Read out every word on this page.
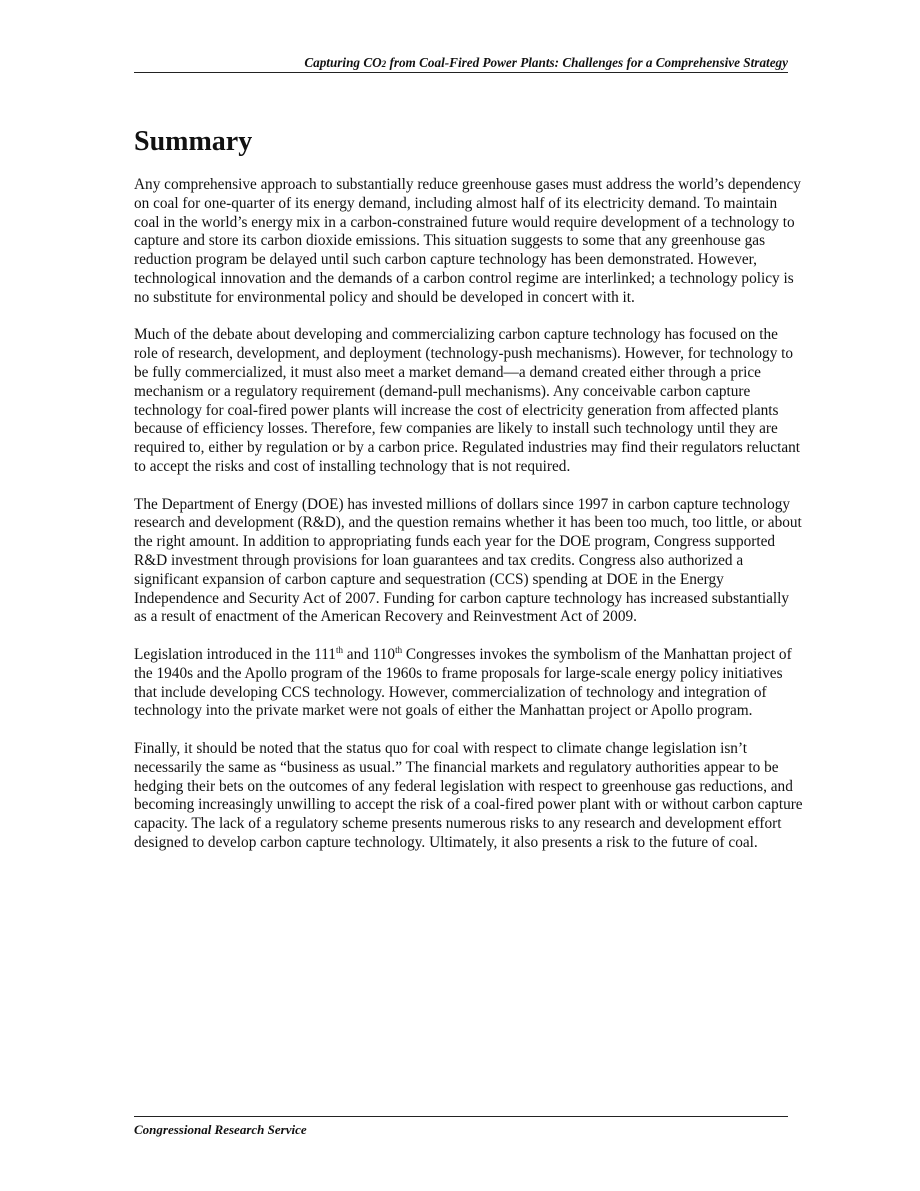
Capturing CO2 from Coal-Fired Power Plants: Challenges for a Comprehensive Strategy
Summary

Any comprehensive approach to substantially reduce greenhouse gases must address the world’s dependency on coal for one-quarter of its energy demand, including almost half of its electricity demand. To maintain coal in the world’s energy mix in a carbon-constrained future would require development of a technology to capture and store its carbon dioxide emissions. This situation suggests to some that any greenhouse gas reduction program be delayed until such carbon capture technology has been demonstrated. However, technological innovation and the demands of a carbon control regime are interlinked; a technology policy is no substitute for environmental policy and should be developed in concert with it.

Much of the debate about developing and commercializing carbon capture technology has focused on the role of research, development, and deployment (technology-push mechanisms). However, for technology to be fully commercialized, it must also meet a market demand—a demand created either through a price mechanism or a regulatory requirement (demand-pull mechanisms). Any conceivable carbon capture technology for coal-fired power plants will increase the cost of electricity generation from affected plants because of efficiency losses. Therefore, few companies are likely to install such technology until they are required to, either by regulation or by a carbon price. Regulated industries may find their regulators reluctant to accept the risks and cost of installing technology that is not required.

The Department of Energy (DOE) has invested millions of dollars since 1997 in carbon capture technology research and development (R&D), and the question remains whether it has been too much, too little, or about the right amount. In addition to appropriating funds each year for the DOE program, Congress supported R&D investment through provisions for loan guarantees and tax credits. Congress also authorized a significant expansion of carbon capture and sequestration (CCS) spending at DOE in the Energy Independence and Security Act of 2007. Funding for carbon capture technology has increased substantially as a result of enactment of the American Recovery and Reinvestment Act of 2009.

Legislation introduced in the 111th and 110th Congresses invokes the symbolism of the Manhattan project of the 1940s and the Apollo program of the 1960s to frame proposals for large-scale energy policy initiatives that include developing CCS technology. However, commercialization of technology and integration of technology into the private market were not goals of either the Manhattan project or Apollo program.

Finally, it should be noted that the status quo for coal with respect to climate change legislation isn’t necessarily the same as “business as usual.” The financial markets and regulatory authorities appear to be hedging their bets on the outcomes of any federal legislation with respect to greenhouse gas reductions, and becoming increasingly unwilling to accept the risk of a coal-fired power plant with or without carbon capture capacity. The lack of a regulatory scheme presents numerous risks to any research and development effort designed to develop carbon capture technology. Ultimately, it also presents a risk to the future of coal.

Congressional Research Service
